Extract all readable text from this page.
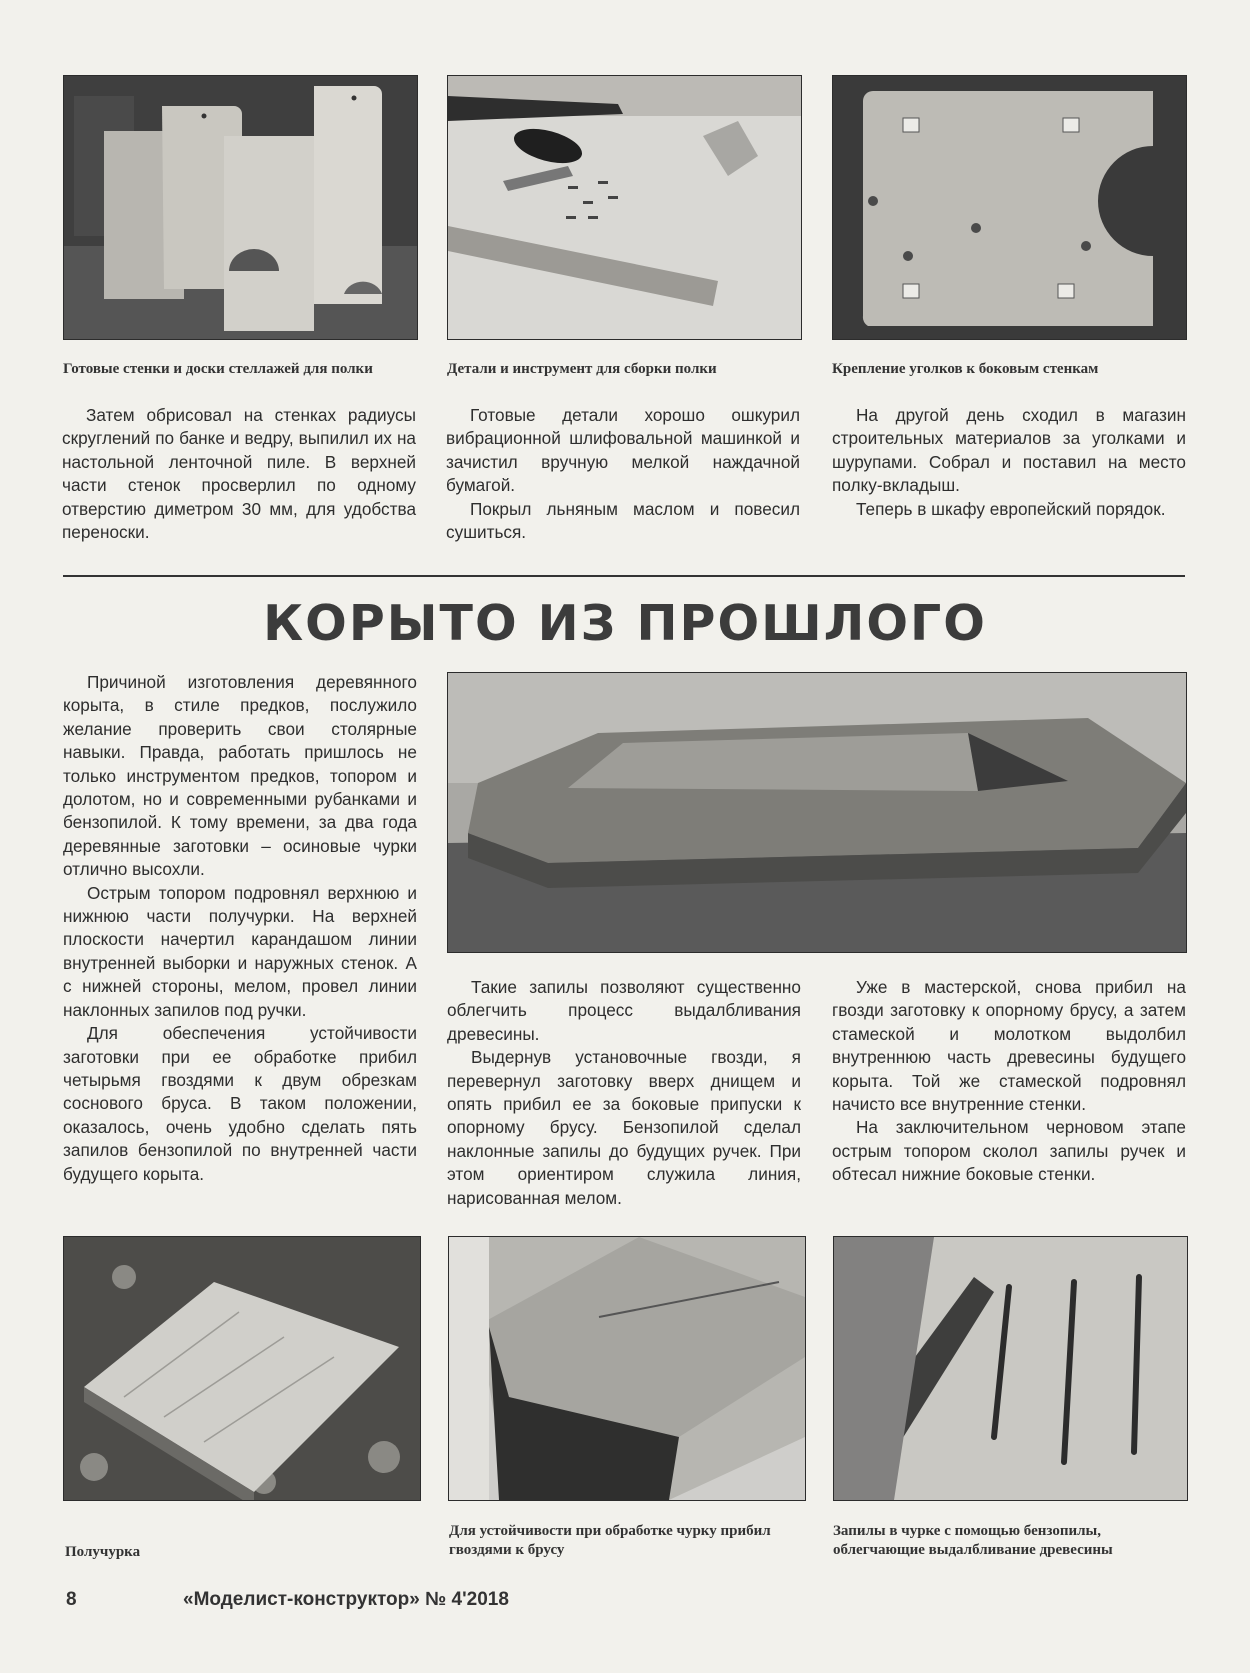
Готовые стенки и доски стеллажей для полки	Детали и инструмент для сборки полки	Крепление уголков к боковым стенкам

Затем обрисовал на стенках радиусы скруглений по банке и ведру, выпилил их на настольной ленточной пиле. В верхней части стенок просверлил по одному отверстию диметром 30 мм, для удобства переноски.

Готовые детали хорошо ошкурил вибрационной шлифовальной машинкой и зачистил вручную мелкой наждачной бумагой.

Покрыл льняным маслом и повесил сушиться.

На другой день сходил в магазин строительных материалов за уголками и шурупами. Собрал и поставил на место полку-вкладыш.

Теперь в шкафу европейский порядок.

КОРЫТО ИЗ ПРОШЛОГО

Причиной изготовления деревянного корыта, в стиле предков, послужило желание проверить свои столярные навыки. Правда, работать пришлось не только инструментом предков, топором и долотом, но и современными рубанками и бензопилой. К тому времени, за два года деревянные заготовки – осиновые чурки отлично высохли.

Острым топором подровнял верхнюю и нижнюю части получурки. На верхней плоскости начертил карандашом линии внутренней выборки и наружных стенок. А с нижней стороны, мелом, провел линии наклонных запилов под ручки.

Для обеспечения устойчивости заготовки при ее обработке прибил четырьмя гвоздями к двум обрезкам соснового бруса. В таком положении, оказалось, очень удобно сделать пять запилов бензопилой по внутренней части будущего корыта.

Такие запилы позволяют существенно облегчить процесс выдалбливания древесины.

Выдернув установочные гвозди, я перевернул заготовку вверх днищем и опять прибил ее за боковые припуски к опорному брусу. Бензопилой сделал наклонные запилы до будущих ручек. При этом ориентиром служила линия, нарисованная мелом.

Уже в мастерской, снова прибил на гвозди заготовку к опорному брусу, а затем стамеской и молотком выдолбил внутреннюю часть древесины будущего корыта. Той же стамеской подровнял начисто все внутренние стенки.

На заключительном черновом этапе острым топором сколол запилы ручек и обтесал нижние боковые стенки.

Получурка
Для устойчивости при обработке чурку прибил гвоздями к брусу
Запилы в чурке с помощью бензопилы, облегчающие выдалбливание древесины
8	«Моделист-конструктор» № 4'2018
